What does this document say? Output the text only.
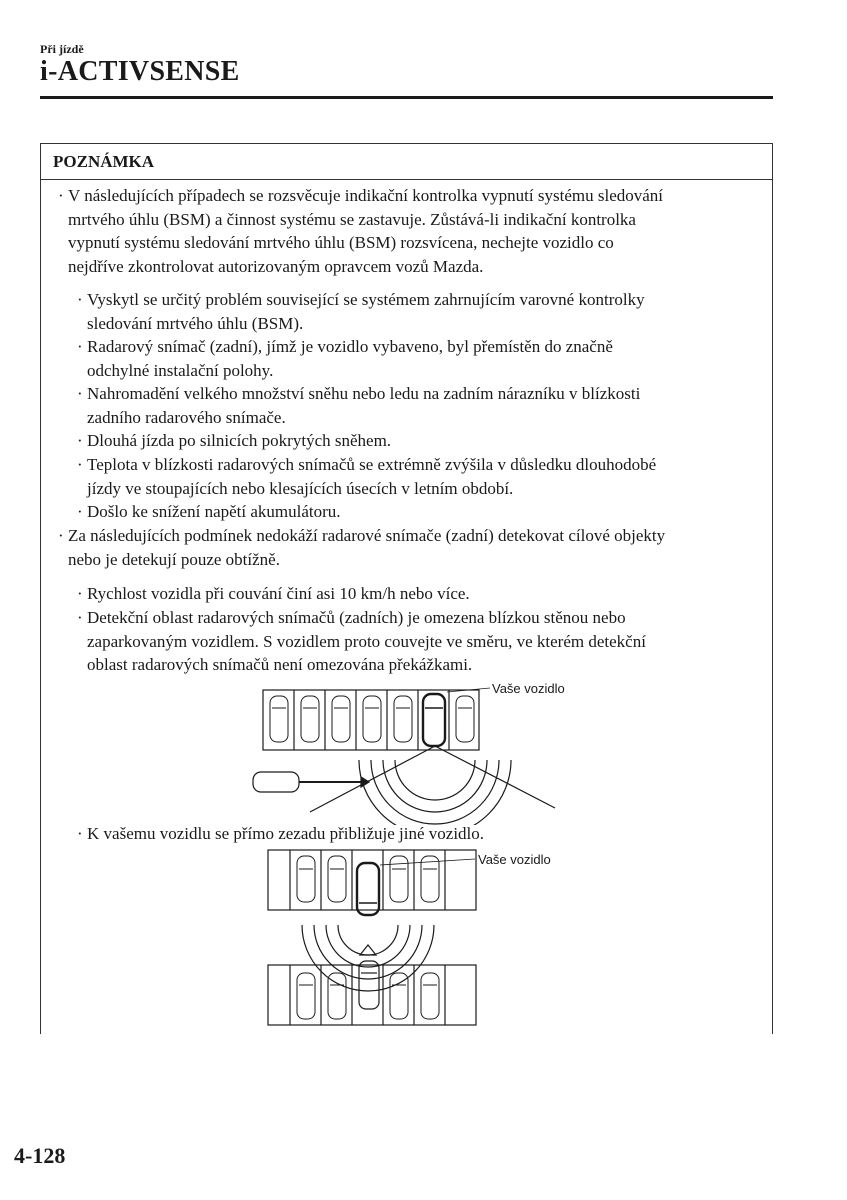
Při jízdě
i-ACTIVSENSE
POZNÁMKA
· V následujících případech se rozsvěcuje indikační kontrolka vypnutí systému sledování
mrtvého úhlu (BSM) a činnost systému se zastavuje. Zůstává-li indikační kontrolka
vypnutí systému sledování mrtvého úhlu (BSM) rozsvícena, nechejte vozidlo co
nejdříve zkontrolovat autorizovaným opravcem vozů Mazda.
· Vyskytl se určitý problém související se systémem zahrnujícím varovné kontrolky
sledování mrtvého úhlu (BSM).
· Radarový snímač (zadní), jímž je vozidlo vybaveno, byl přemístěn do značně
odchylné instalační polohy.
· Nahromadění velkého množství sněhu nebo ledu na zadním nárazníku v blízkosti
zadního radarového snímače.
· Dlouhá jízda po silnicích pokrytých sněhem.
· Teplota v blízkosti radarových snímačů se extrémně zvýšila v důsledku dlouhodobé
jízdy ve stoupajících nebo klesajících úsecích v letním období.
· Došlo ke snížení napětí akumulátoru.
· Za následujících podmínek nedokáží radarové snímače (zadní) detekovat cílové objekty
nebo je detekují pouze obtížně.
· Rychlost vozidla při couvání činí asi 10 km/h nebo více.
· Detekční oblast radarových snímačů (zadních) je omezena blízkou stěnou nebo
zaparkovaným vozidlem. S vozidlem proto couvejte ve směru, ve kterém detekční
oblast radarových snímačů není omezována překážkami.
Vaše vozidlo
· K vašemu vozidlu se přímo zezadu přibližuje jiné vozidlo.
Vaše vozidlo
4-128
